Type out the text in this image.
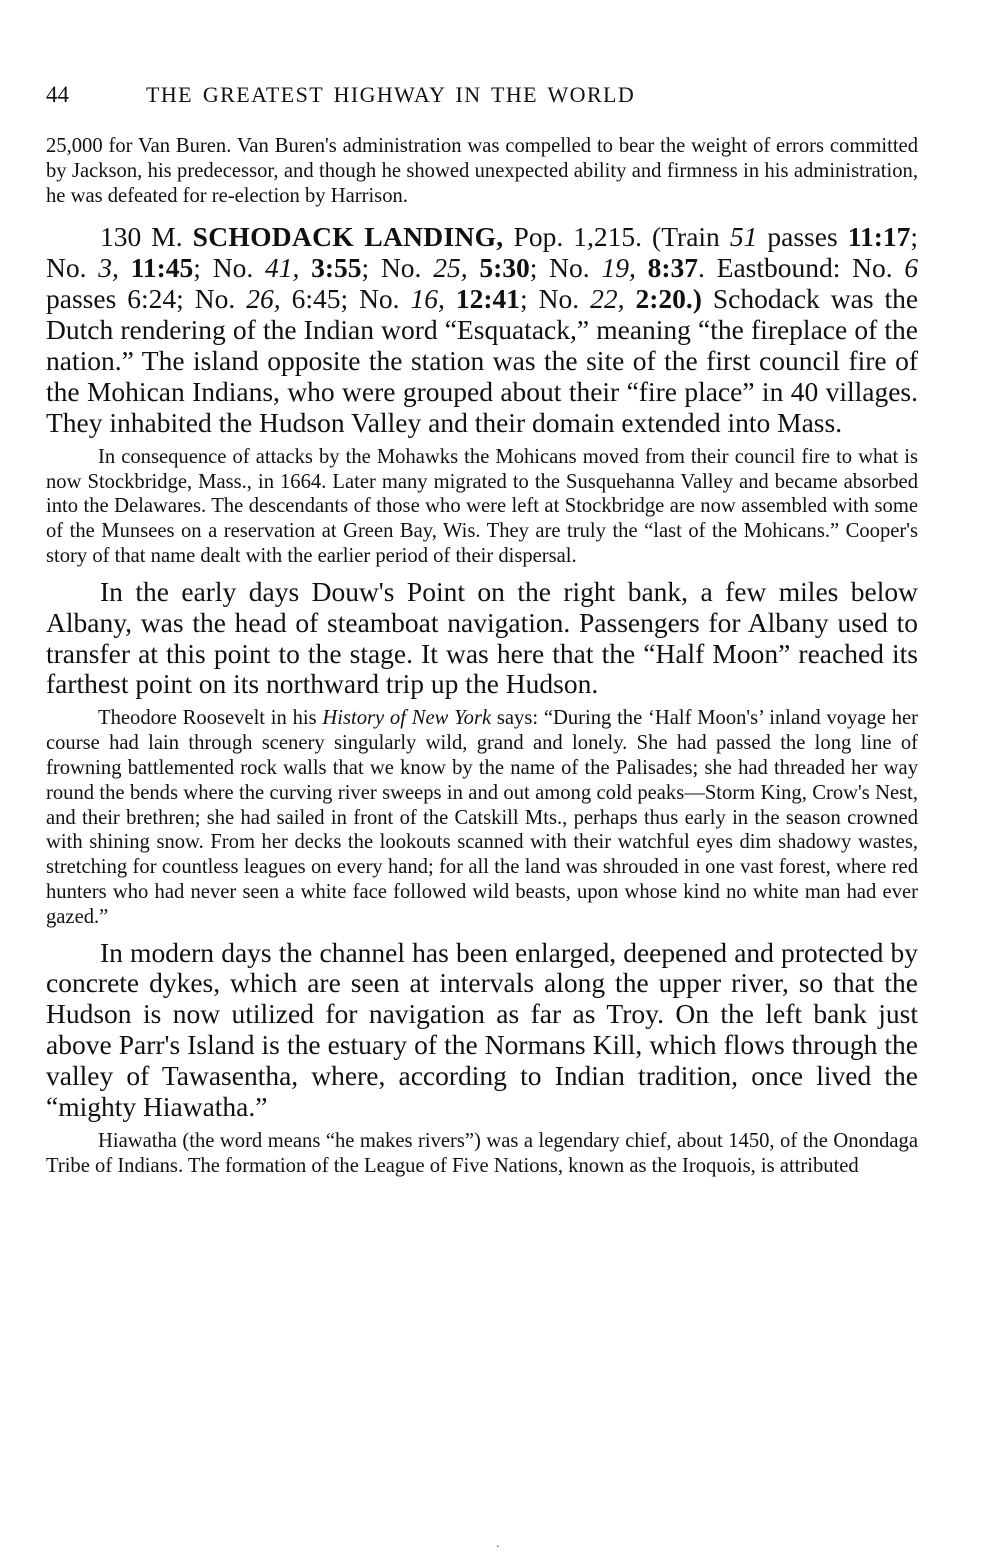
44	THE GREATEST HIGHWAY IN THE WORLD

25,000 for Van Buren. Van Buren's administration was compelled to bear the weight of errors committed by Jackson, his predecessor, and though he showed unexpected ability and firmness in his administration, he was defeated for re-election by Harrison.

130 M. SCHODACK LANDING, Pop. 1,215. (Train 51 passes 11:17; No. 3, 11:45; No. 41, 3:55; No. 25, 5:30; No. 19, 8:37. Eastbound: No. 6 passes 6:24; No. 26, 6:45; No. 16, 12:41; No. 22, 2:20.) Schodack was the Dutch rendering of the Indian word “Esquatack,” meaning “the fireplace of the nation.” The island opposite the station was the site of the first council fire of the Mohican Indians, who were grouped about their “fire place” in 40 villages. They inhabited the Hudson Valley and their domain extended into Mass.

In consequence of attacks by the Mohawks the Mohicans moved from their council fire to what is now Stockbridge, Mass., in 1664. Later many migrated to the Susquehanna Valley and became absorbed into the Delawares. The descendants of those who were left at Stockbridge are now assembled with some of the Munsees on a reservation at Green Bay, Wis. They are truly the “last of the Mohicans.” Cooper's story of that name dealt with the earlier period of their dispersal.

In the early days Douw's Point on the right bank, a few miles below Albany, was the head of steamboat navigation. Passengers for Albany used to transfer at this point to the stage. It was here that the “Half Moon” reached its farthest point on its northward trip up the Hudson.

Theodore Roosevelt in his History of New York says: “During the ‘Half Moon's’ inland voyage her course had lain through scenery singularly wild, grand and lonely. She had passed the long line of frowning battlemented rock walls that we know by the name of the Palisades; she had threaded her way round the bends where the curving river sweeps in and out among cold peaks—Storm King, Crow's Nest, and their brethren; she had sailed in front of the Catskill Mts., perhaps thus early in the season crowned with shining snow. From her decks the lookouts scanned with their watchful eyes dim shadowy wastes, stretching for countless leagues on every hand; for all the land was shrouded in one vast forest, where red hunters who had never seen a white face followed wild beasts, upon whose kind no white man had ever gazed.”

In modern days the channel has been enlarged, deepened and protected by concrete dykes, which are seen at intervals along the upper river, so that the Hudson is now utilized for navigation as far as Troy. On the left bank just above Parr's Island is the estuary of the Normans Kill, which flows through the valley of Tawasentha, where, according to Indian tradition, once lived the “mighty Hiawatha.”

Hiawatha (the word means “he makes rivers”) was a legendary chief, about 1450, of the Onondaga Tribe of Indians. The formation of the League of Five Nations, known as the Iroquois, is attributed

.
